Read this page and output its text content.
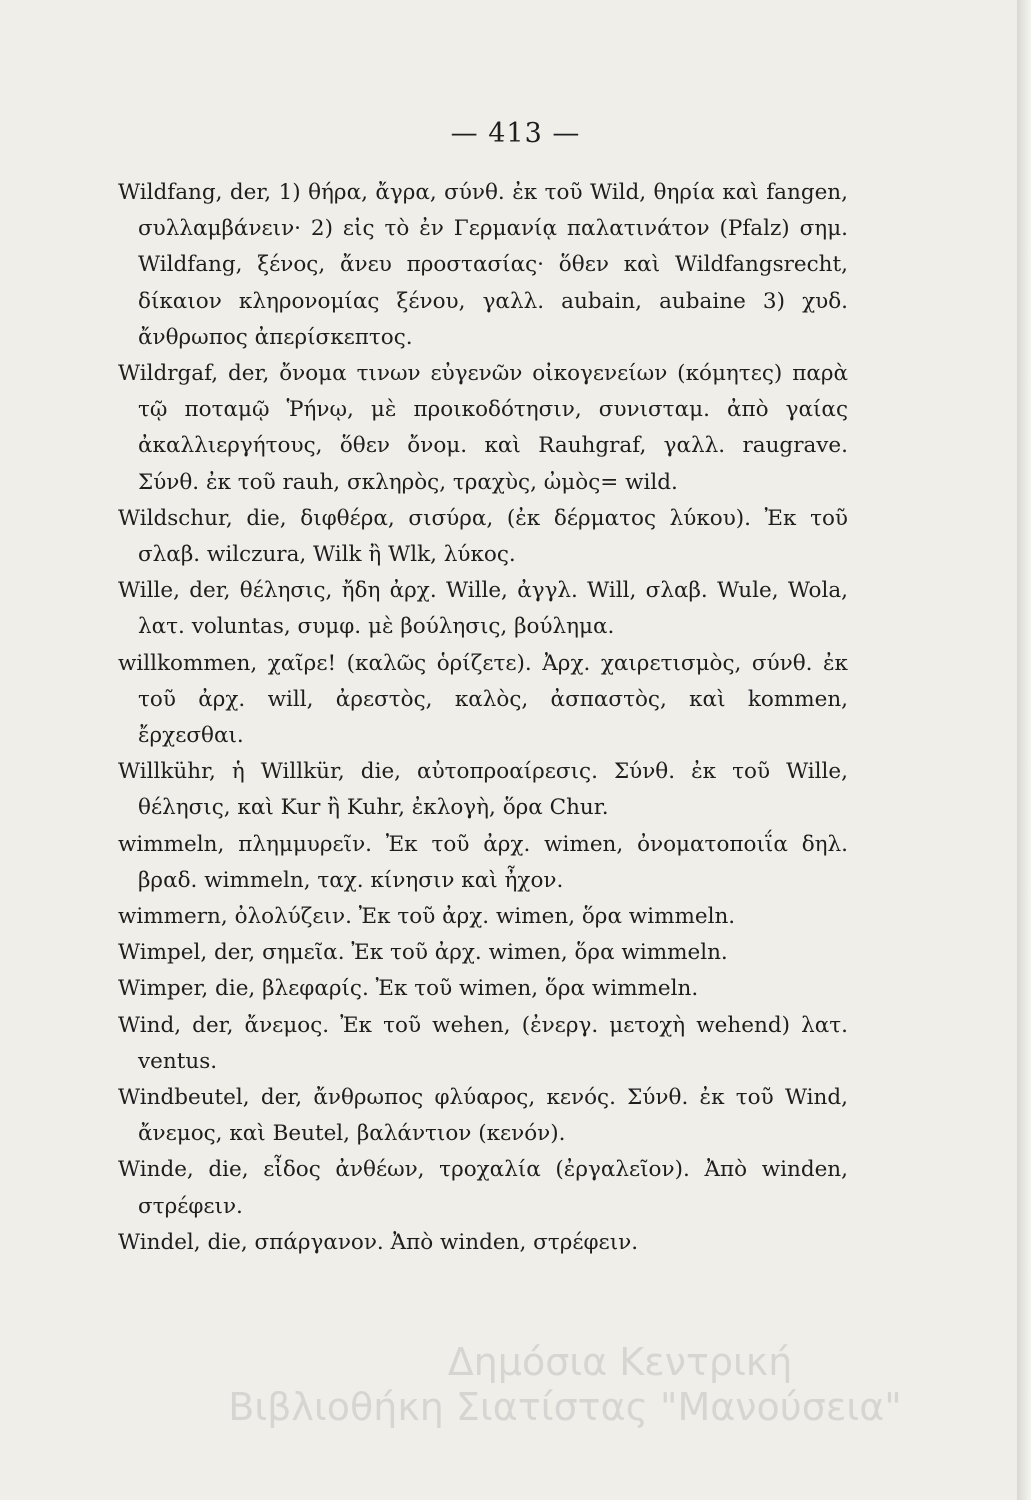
— 413 —

Wildfang, der, 1) θήρα, ἄγρα, σύνθ. ἐκ τοῦ Wild, θηρία καὶ fangen, συλλαμβάνειν· 2) εἰς τὸ ἐν Γερμανίᾳ παλατινάτον (Pfalz) σημ. Wildfang, ξένος, ἄνευ προστασίας· ὅθεν καὶ Wildfangsrecht, δίκαιον κληρονομίας ξένου, γαλλ. aubain, aubaine 3) χυδ. ἄνθρωπος ἀπερίσκεπτος.

Wildrgaf, der, ὄνομα τινων εὐγενῶν οἰκογενείων (κόμητες) παρὰ τῷ ποταμῷ Ῥήνῳ, μὲ προικοδότησιν, συνισταμ. ἀπὸ γαίας ἀκαλλιεργήτους, ὅθεν ὄνομ. καὶ Rauhgraf, γαλλ. raugrave. Σύνθ. ἐκ τοῦ rauh, σκληρὸς, τραχὺς, ὠμὸς= wild.

Wildschur, die, διφθέρα, σισύρα, (ἐκ δέρματος λύκου). Ἐκ τοῦ σλαβ. wilczura, Wilk ἢ Wlk, λύκος.

Wille, der, θέλησις, ἤδη ἀρχ. Wille, ἀγγλ. Will, σλαβ. Wule, Wola, λατ. voluntas, συμφ. μὲ βούλησις, βούλημα.

willkommen, χαῖρε! (καλῶς ὁρίζετε). Ἀρχ. χαιρετισμὸς, σύνθ. ἐκ τοῦ ἀρχ. will, ἀρεστὸς, καλὸς, ἀσπαστὸς, καὶ kommen, ἔρχεσθαι.

Willkühr, ἡ Willkür, die, αὐτοπροαίρεσις. Σύνθ. ἐκ τοῦ Wille, θέλησις, καὶ Kur ἢ Kuhr, ἐκλογὴ, ὅρα Chur.

wimmeln, πλημμυρεῖν. Ἐκ τοῦ ἀρχ. wimen, ὀνοματοποιΐα δηλ. βραδ. wimmeln, ταχ. κίνησιν καὶ ἦχον.

wimmern, ὀλολύζειν. Ἐκ τοῦ ἀρχ. wimen, ὅρα wimmeln.

Wimpel, der, σημεῖα. Ἐκ τοῦ ἀρχ. wimen, ὅρα wimmeln.

Wimper, die, βλεφαρίς. Ἐκ τοῦ wimen, ὅρα wimmeln.

Wind, der, ἄνεμος. Ἐκ τοῦ wehen, (ἐνεργ. μετοχὴ wehend) λατ. ventus.

Windbeutel, der, ἄνθρωπος φλύαρος, κενός. Σύνθ. ἐκ τοῦ Wind, ἄνεμος, καὶ Beutel, βαλάντιον (κενόν).

Winde, die, εἶδος ἀνθέων, τροχαλία (ἐργαλεῖον). Ἀπὸ winden, στρέφειν.

Windel, die, σπάργανον. Ἀπὸ winden, στρέφειν.

Δημόσια Κεντρική
Βιβλιοθήκη Σιατίστας "Μανούσεια"
